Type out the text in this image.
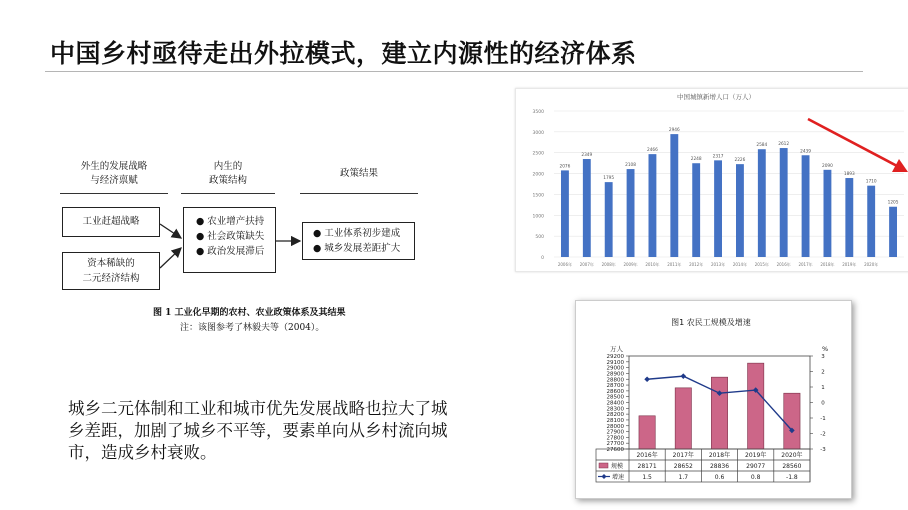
中国乡村亟待走出外拉模式，建立内源性的经济体系
外生的发展战略
与经济禀赋
内生的
政策结构
政策结果
工业赶超战略
资本稀缺的
二元经济结构
● 农业增产扶持
● 社会政策缺失
● 政治发展滞后
● 工业体系初步建成
● 城乡发展差距扩大
图 1 工业化早期的农村、农业政策体系及其结果
注：该图参考了林毅夫等（2004）。
城乡二元体制和工业和城市优先发展战略也拉大了城乡差距，加剧了城乡不平等，要素单向从乡村流向城市，造成乡村衰败。
中国城镇新增人口（万人）
0
500
1000
1500
2000
2500
3000
3500
2076
2006年
2349
2007年
1795
2008年
2108
2009年
2466
2010年
2946
2011年
2248
2012年
2317
2013年
2226
2014年
2584
2015年
2612
2016年
2439
2017年
2090
2018年
1893
2019年
1710
2020年
1205
图1 农民工规模及增速
万人	%
27600
27700
27800
27900
28000
28100
28200
28300
28400
28500
28600
28700
28800
28900
29000
29100
29200
-3
-2
-1
0
1
2
3
2016年 2017年 2018年 2019年 2020年
规模 28171	28652	28836	29077	28560
增速	1.5	1.7	0.6	0.8	-1.8
